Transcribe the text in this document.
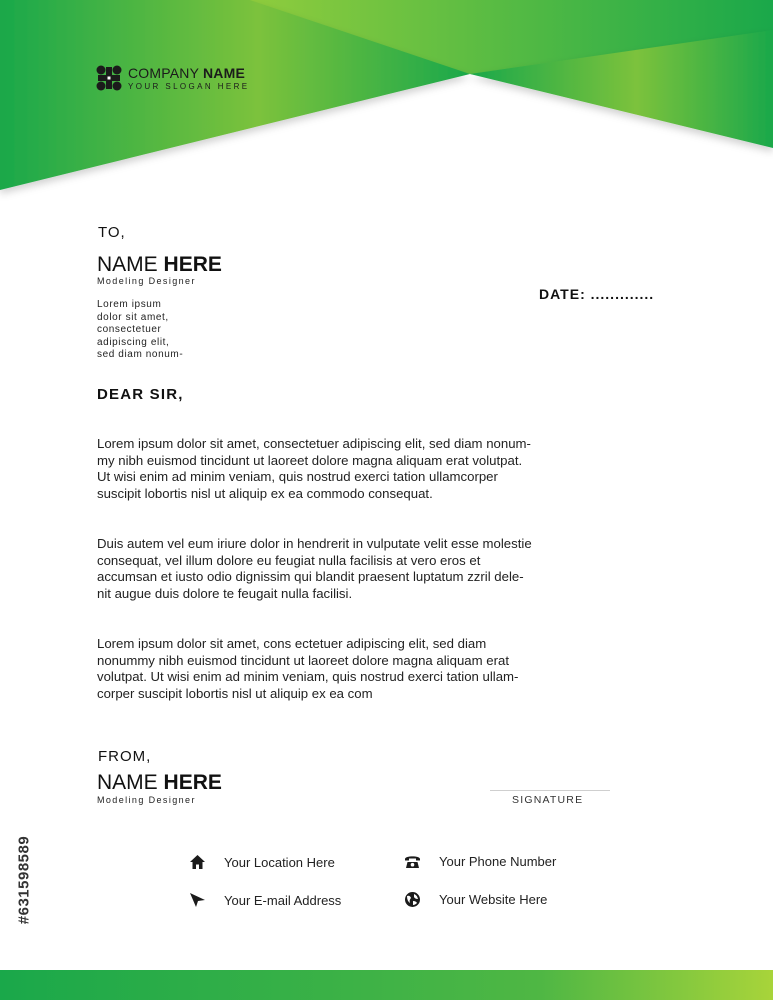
COMPANY NAME
YOUR SLOGAN HERE
TO,
NAME HERE
Modeling Designer
Lorem ipsum
dolor sit amet,
consectetuer
adipiscing elit,
sed diam nonum-
DATE: .............
DEAR SIR,
Lorem ipsum dolor sit amet, consectetuer adipiscing elit, sed diam nonum-
my nibh euismod tincidunt ut laoreet dolore magna aliquam erat volutpat.
Ut wisi enim ad minim veniam, quis nostrud exerci tation ullamcorper
suscipit lobortis nisl ut aliquip ex ea commodo consequat.
Duis autem vel eum iriure dolor in hendrerit in vulputate velit esse molestie
consequat, vel illum dolore eu feugiat nulla facilisis at vero eros et
accumsan et iusto odio dignissim qui blandit praesent luptatum zzril dele-
nit augue duis dolore te feugait nulla facilisi.
Lorem ipsum dolor sit amet, cons ectetuer adipiscing elit, sed diam
nonummy nibh euismod tincidunt ut laoreet dolore magna aliquam erat
volutpat. Ut wisi enim ad minim veniam, quis nostrud exerci tation ullam-
corper suscipit lobortis nisl ut aliquip ex ea com
FROM,
NAME HERE
Modeling Designer	SIGNATURE
Your Location Here	Your Phone Number
Your E-mail Address	Your Website Here
#631598589
